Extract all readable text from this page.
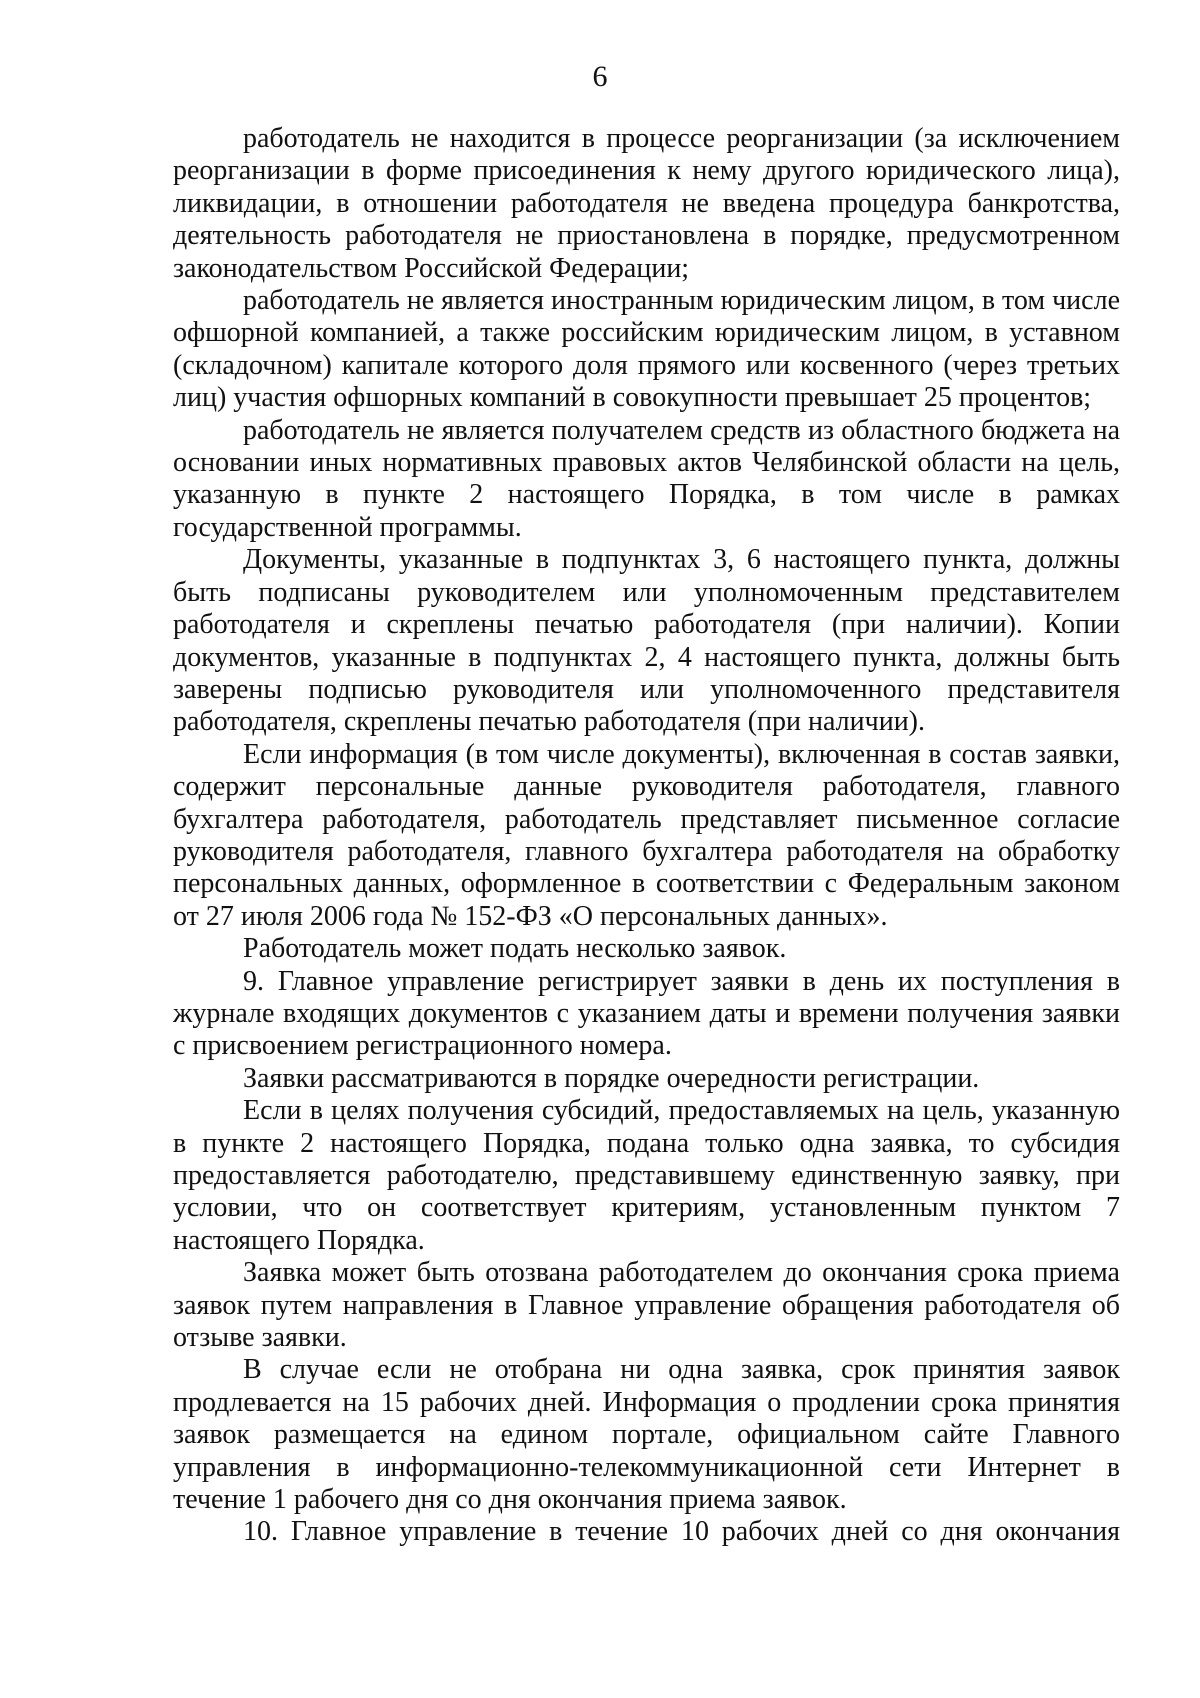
6

работодатель не находится в процессе реорганизации (за исключением реорганизации в форме присоединения к нему другого юридического лица), ликвидации, в отношении работодателя не введена процедура банкротства, деятельность работодателя не приостановлена в порядке, предусмотренном законодательством Российской Федерации;

работодатель не является иностранным юридическим лицом, в том числе офшорной компанией, а также российским юридическим лицом, в уставном (складочном) капитале которого доля прямого или косвенного (через третьих лиц) участия офшорных компаний в совокупности превышает 25 процентов;

работодатель не является получателем средств из областного бюджета на основании иных нормативных правовых актов Челябинской области на цель, указанную в пункте 2 настоящего Порядка, в том числе в рамках государственной программы.

Документы, указанные в подпунктах 3, 6 настоящего пункта, должны быть подписаны руководителем или уполномоченным представителем работодателя и скреплены печатью работодателя (при наличии). Копии документов, указанные в подпунктах 2, 4 настоящего пункта, должны быть заверены подписью руководителя или уполномоченного представителя работодателя, скреплены печатью работодателя (при наличии).

Если информация (в том числе документы), включенная в состав заявки, содержит персональные данные руководителя работодателя, главного бухгалтера работодателя, работодатель представляет письменное согласие руководителя работодателя, главного бухгалтера работодателя на обработку персональных данных, оформленное в соответствии с Федеральным законом от 27 июля 2006 года № 152-ФЗ «О персональных данных».

Работодатель может подать несколько заявок.

9. Главное управление регистрирует заявки в день их поступления в журнале входящих документов с указанием даты и времени получения заявки с присвоением регистрационного номера.

Заявки рассматриваются в порядке очередности регистрации.

Если в целях получения субсидий, предоставляемых на цель, указанную в пункте 2 настоящего Порядка, подана только одна заявка, то субсидия предоставляется работодателю, представившему единственную заявку, при условии, что он соответствует критериям, установленным пунктом 7 настоящего Порядка.

Заявка может быть отозвана работодателем до окончания срока приема заявок путем направления в Главное управление обращения работодателя об отзыве заявки.

В случае если не отобрана ни одна заявка, срок принятия заявок продлевается на 15 рабочих дней. Информация о продлении срока принятия заявок размещается на едином портале, официальном сайте Главного управления в информационно-телекоммуникационной сети Интернет в течение 1 рабочего дня со дня окончания приема заявок.

10. Главное управление в течение 10 рабочих дней со дня окончания
